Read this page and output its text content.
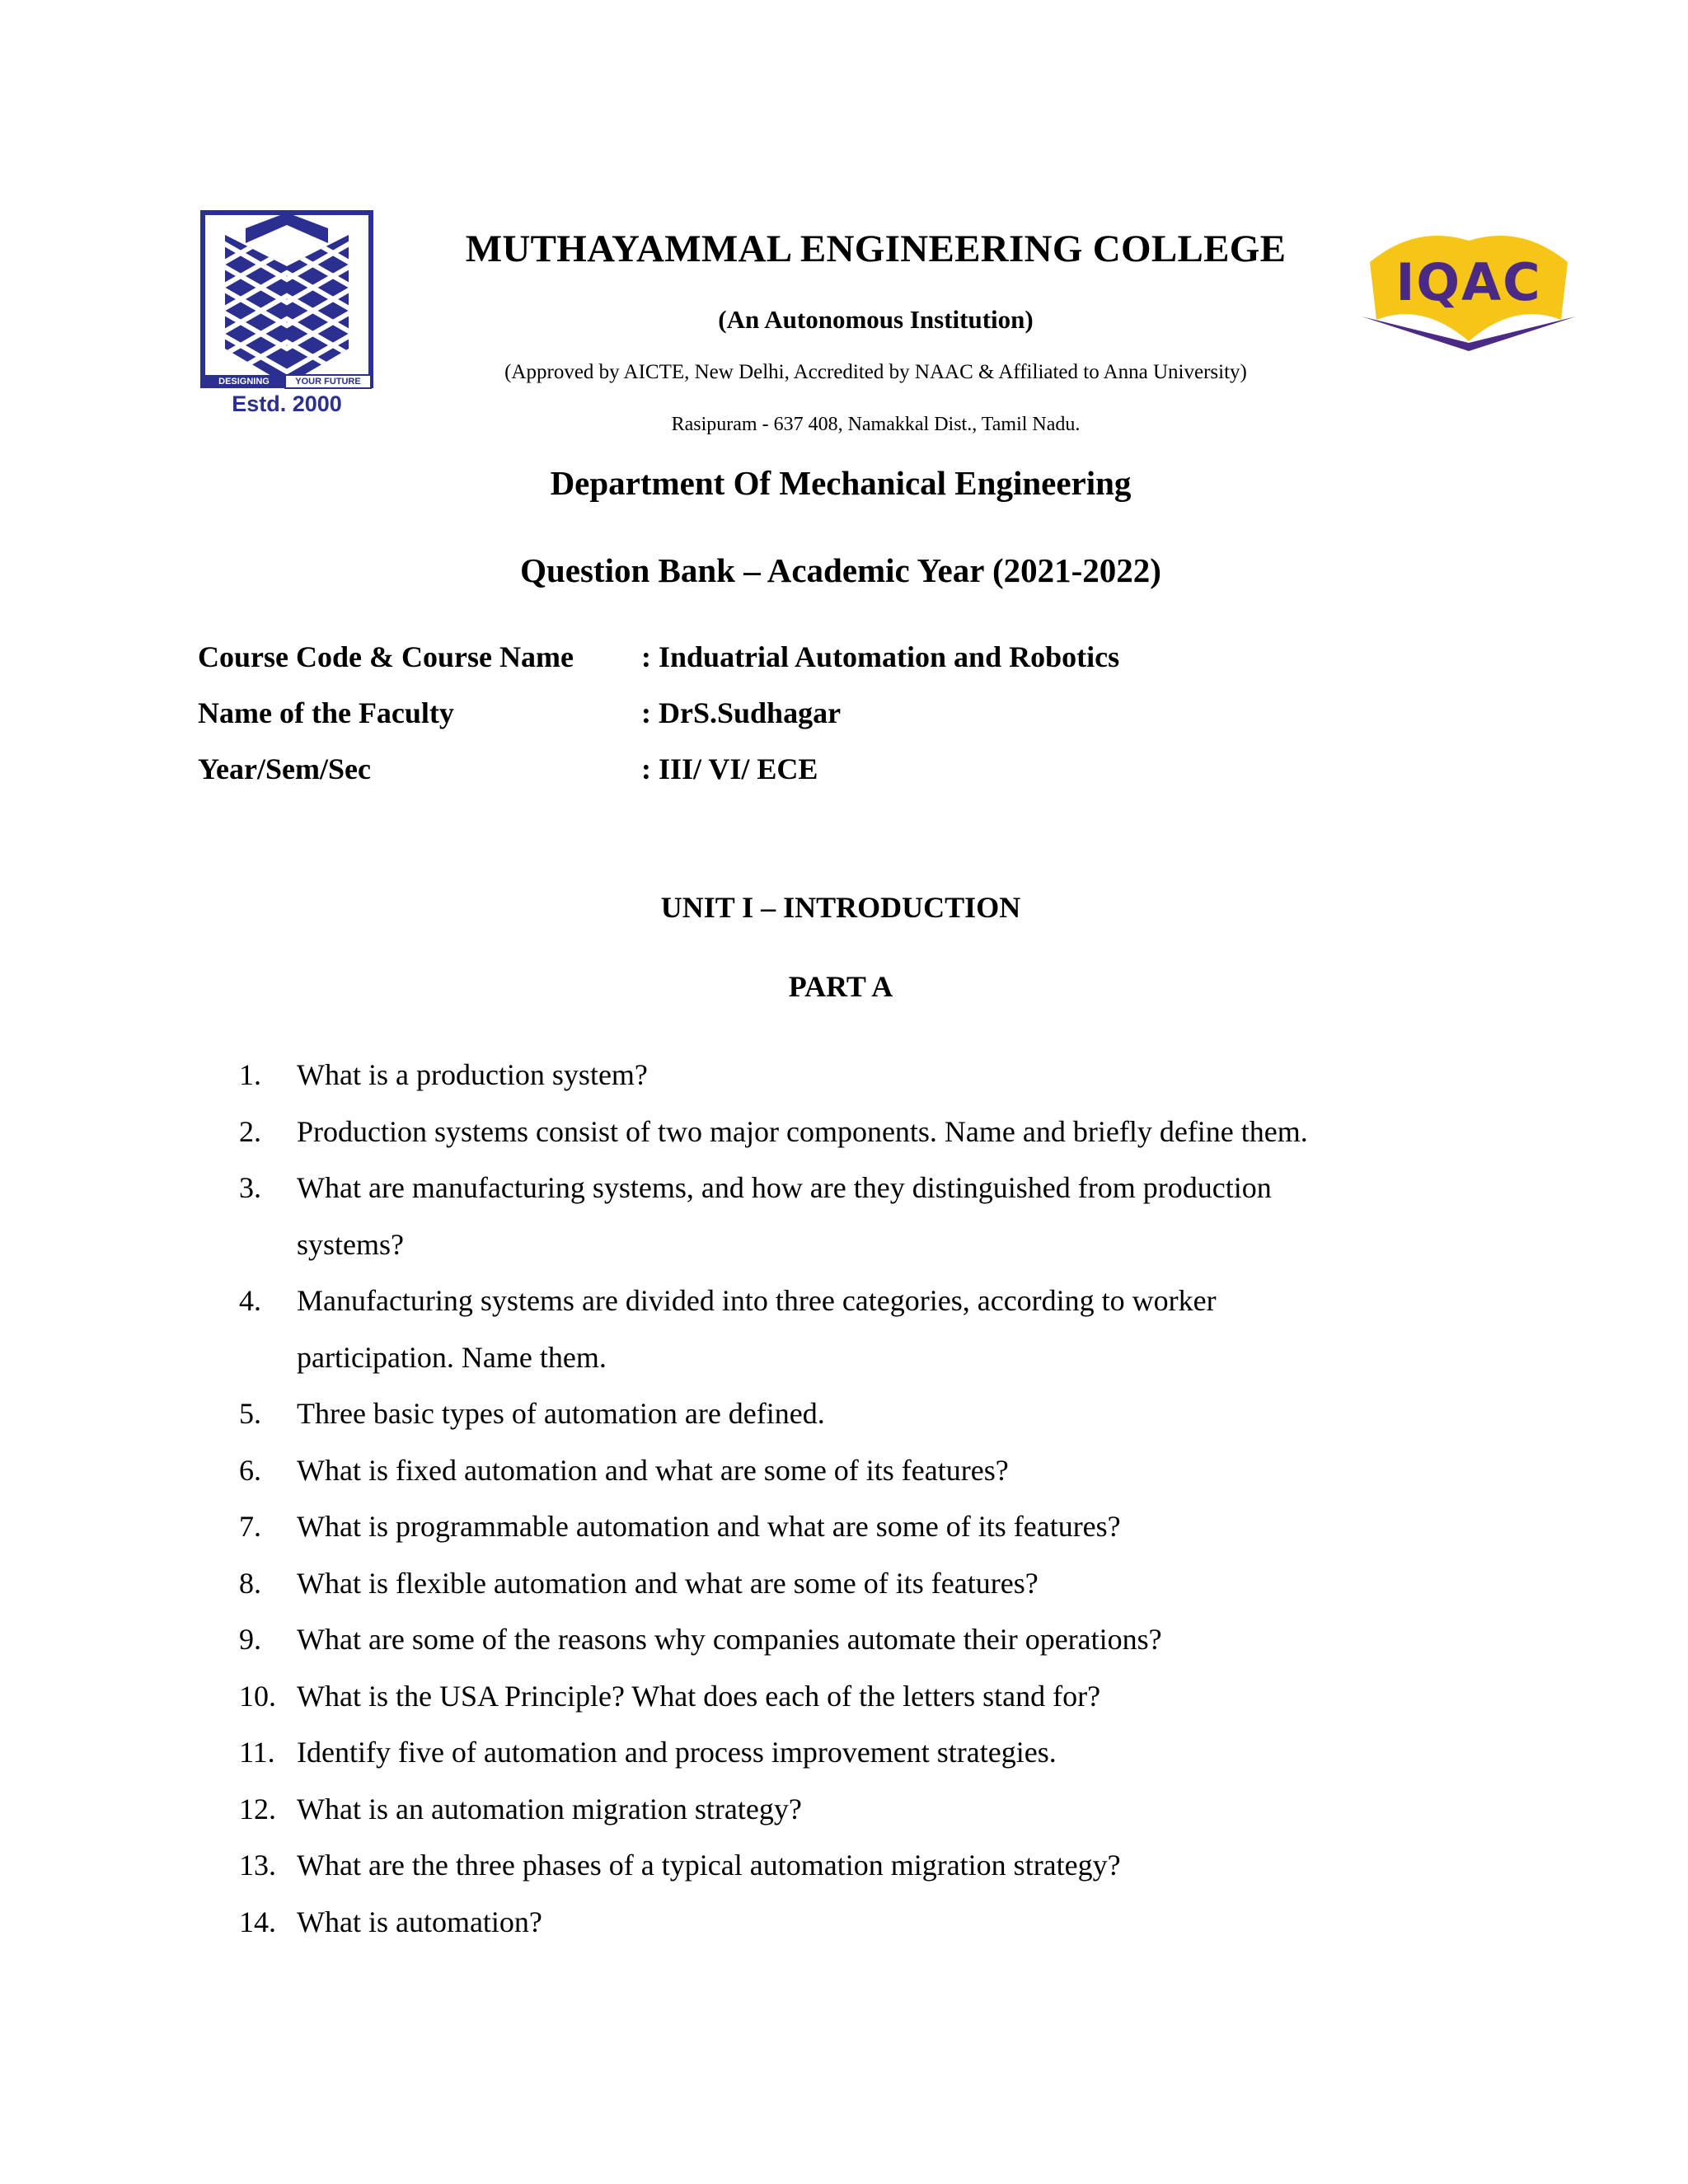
DESIGNING	YOUR FUTURE
Estd. 2000
IQAC
MUTHAYAMMAL ENGINEERING COLLEGE
(An Autonomous Institution)
(Approved by AICTE, New Delhi, Accredited by NAAC & Affiliated to Anna University)
Rasipuram - 637 408, Namakkal Dist., Tamil Nadu.
Department Of Mechanical Engineering
Question Bank – Academic Year (2021-2022)
Course Code & Course Name : Induatrial Automation and Robotics
Name of the Faculty	: DrS.Sudhagar
Year/Sem/Sec	: III/ VI/ ECE
UNIT I – INTRODUCTION
PART A
1. What is a production system?
2. Production systems consist of two major components. Name and briefly define them.
3. What are manufacturing systems, and how are they distinguished from production
systems?
4. Manufacturing systems are divided into three categories, according to worker
participation. Name them.
5. Three basic types of automation are defined.
6. What is fixed automation and what are some of its features?
7. What is programmable automation and what are some of its features?
8. What is flexible automation and what are some of its features?
9. What are some of the reasons why companies automate their operations?
10. What is the USA Principle? What does each of the letters stand for?
11. Identify five of automation and process improvement strategies.
12. What is an automation migration strategy?
13. What are the three phases of a typical automation migration strategy?
14. What is automation?
